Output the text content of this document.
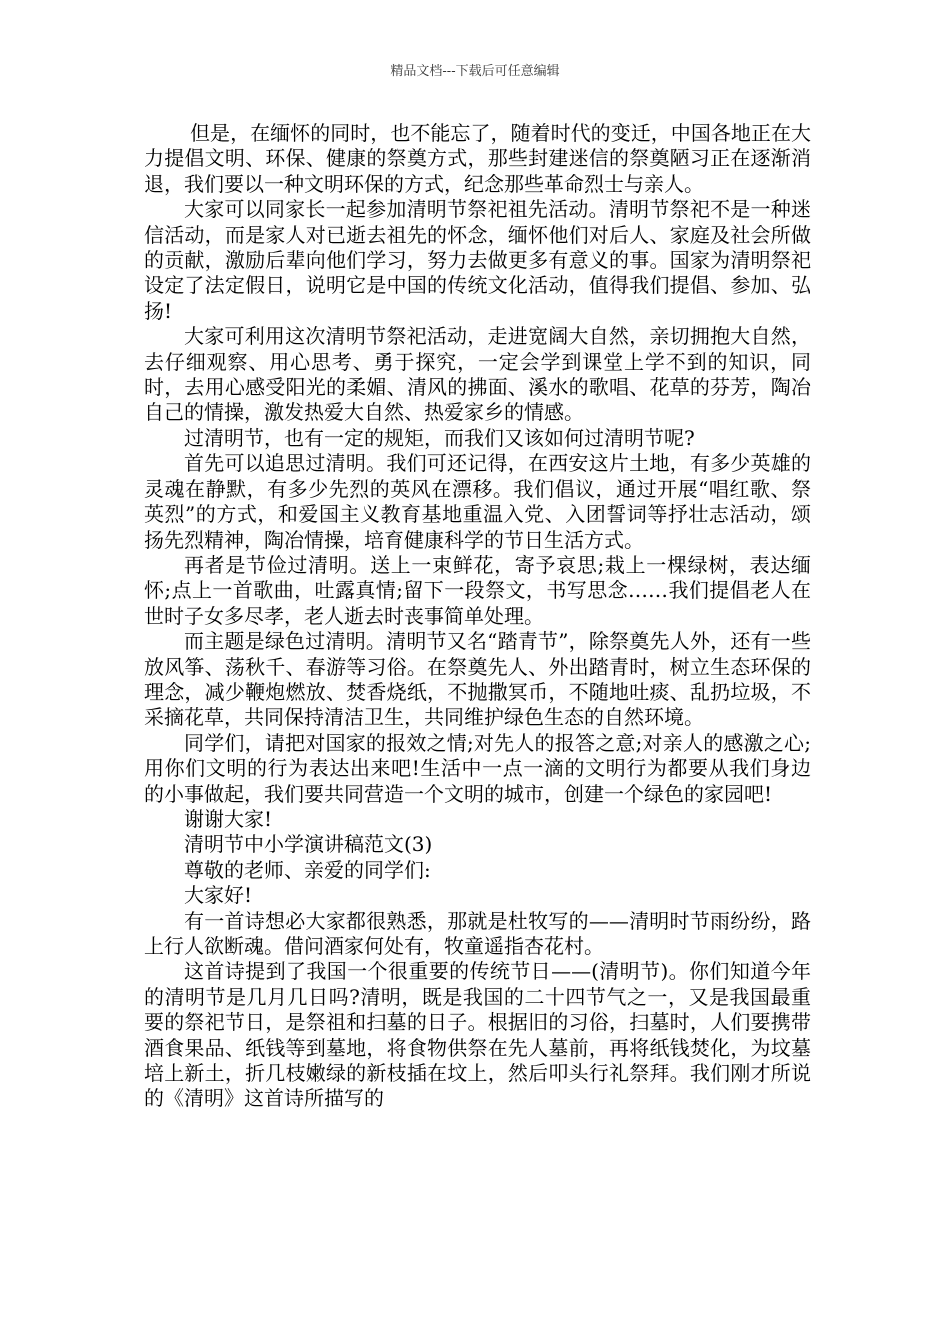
精品文档---下载后可任意编辑

但是，在缅怀的同时，也不能忘了，随着时代的变迁，中国各地正在大力提倡文明、环保、健康的祭奠方式，那些封建迷信的祭奠陋习正在逐渐消退，我们要以一种文明环保的方式，纪念那些革命烈士与亲人。

大家可以同家长一起参加清明节祭祀祖先活动。清明节祭祀不是一种迷信活动，而是家人对已逝去祖先的怀念，缅怀他们对后人、家庭及社会所做的贡献，激励后辈向他们学习，努力去做更多有意义的事。国家为清明祭祀设定了法定假日，说明它是中国的传统文化活动，值得我们提倡、参加、弘扬!

大家可利用这次清明节祭祀活动，走进宽阔大自然，亲切拥抱大自然，去仔细观察、用心思考、勇于探究，一定会学到课堂上学不到的知识，同时，去用心感受阳光的柔媚、清风的拂面、溪水的歌唱、花草的芬芳，陶冶自己的情操，激发热爱大自然、热爱家乡的情感。

过清明节，也有一定的规矩，而我们又该如何过清明节呢?

首先可以追思过清明。我们可还记得，在西安这片土地，有多少英雄的灵魂在静默，有多少先烈的英风在漂移。我们倡议，通过开展“唱红歌、祭英烈”的方式，和爱国主义教育基地重温入党、入团誓词等抒壮志活动，颂扬先烈精神，陶冶情操，培育健康科学的节日生活方式。

再者是节俭过清明。送上一束鲜花，寄予哀思;栽上一棵绿树，表达缅怀;点上一首歌曲，吐露真情;留下一段祭文，书写思念……我们提倡老人在世时子女多尽孝，老人逝去时丧事简单处理。

而主题是绿色过清明。清明节又名“踏青节”，除祭奠先人外，还有一些放风筝、荡秋千、春游等习俗。在祭奠先人、外出踏青时，树立生态环保的理念，减少鞭炮燃放、焚香烧纸，不抛撒冥币，不随地吐痰、乱扔垃圾，不采摘花草，共同保持清洁卫生，共同维护绿色生态的自然环境。

同学们，请把对国家的报效之情;对先人的报答之意;对亲人的感激之心;用你们文明的行为表达出来吧!生活中一点一滴的文明行为都要从我们身边的小事做起，我们要共同营造一个文明的城市，创建一个绿色的家园吧!

谢谢大家!

清明节中小学演讲稿范文(3)

尊敬的老师、亲爱的同学们:

大家好!

有一首诗想必大家都很熟悉，那就是杜牧写的——清明时节雨纷纷，路上行人欲断魂。借问酒家何处有，牧童遥指杏花村。

这首诗提到了我国一个很重要的传统节日——(清明节)。你们知道今年的清明节是几月几日吗?清明，既是我国的二十四节气之一，又是我国最重要的祭祀节日，是祭祖和扫墓的日子。根据旧的习俗，扫墓时，人们要携带酒食果品、纸钱等到墓地，将食物供祭在先人墓前，再将纸钱焚化，为坟墓培上新土，折几枝嫩绿的新枝插在坟上，然后叩头行礼祭拜。我们刚才所说的《清明》这首诗所描写的
